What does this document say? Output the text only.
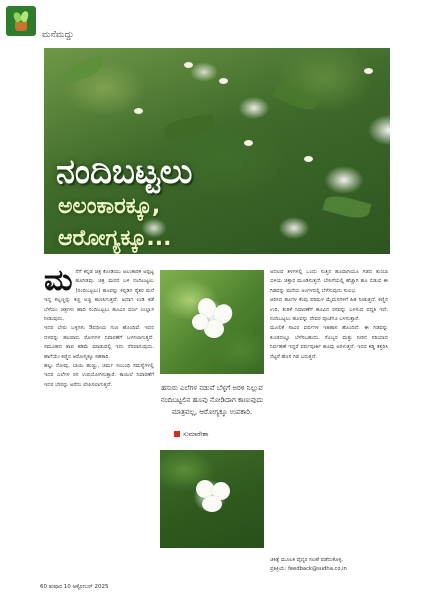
ಮನೆಮದ್ದು
ನಂದಿಬಟ್ಟಲು
ಅಲಂಕಾರಕ್ಕೂ,
ಆರೋಗ್ಯಕ್ಕೂ...
ಮ ನೆಗೆ ಕನ್ನಡ ಚಿತ್ರ ಕೋಡಿಯು ಅಲಂಕಾರಿಕ ಅಪ್ಪಟ್ಟ ಹೂಗಿಡವು. ಚಿತ್ರ ಮರದ ಬಳಿ ನಂದಿಬಟ್ಟಲು (ನಂದಿಬಟ್ಟಲು) ಹೂವನ್ನು ಕನ್ನಡಿಗ ರೈತರ ಮನೆ ಇದ್ದ ಕಲ್ಲಣ್ಣನ್ನು ಕಚ್ಚಿ ಅಚ್ಚಿ ಕಾಣಸಿಗುತ್ತದೆ. ಅದಾಗ ಉಡಿ ಕಡೆ ಬೆಳೆಯು ಚಿತ್ರಗಳು ಹಾದಿ ನಂದಿಬಟ್ಟಲು ಹೂವಿನ ವರ್ಣ ಉಲ್ಲಾಸ ನೀಡುವುದು.

ಇದರ ಬೇರು ಬಳ್ಳಿಗಳು ಔಷಧೀಯ ಗುಣ ಹೊಂದಿವೆ. ಇದರ ದಳವನ್ನು ಹಲವಾರು ರೋಗಗಳ ನಿವಾರಣೆಗೆ ಬಳಸಲಾಗುತ್ತದೆ. ಸಮೂಹದ ತಾಪ ಕಡಿಮೆ ಮಾಡುವಲ್ಲಿ ಇದು ನೆರವಾಗುವುದು. ಹಾಗೆಯೇ ಕಣ್ಣಿನ ಆರೋಗ್ಯಕ್ಕೂ ಸಹಕಾರಿ.

ಹಲ್ಲು ನೋವು, ಬಾಯಿ ಹುಣ್ಣು, ಚರ್ಮ ಸಂಬಂಧಿ ಸಮಸ್ಯೆಗಳಲ್ಲಿ ಇದರ ಎಲೆಗಳ ರಸ ಉಪಯೋಗಿಸುತ್ತಾರೆ. ಕಾಯಿಲೆ ನಿವಾರಣೆಗೆ ಇದರ ಬೇರನ್ನು ಅರೆದು ಲೇಪಿಸಲಾಗುತ್ತದೆ.	ಹಸುರು ಎಲೆಗಳ ನಡುವೆ ಬೆಳ್ಳಗೆ ಅರಳಿ ನಿಲ್ಲುವ ನಂದಿಬಟ್ಟಲಿನ ಹೂವು ನೋಡಿದಾಗ ಕಾಣುವುದು ಮಾತ್ರವಲ್ಲ, ಆರೋಗ್ಯಕ್ಕೂ ಉಪಕಾರಿ.
ಸುಮಾರೇಶಾ

ಅದಲವ ತಳಗಳಲ್ಲಿ ಒಂದು ಸುತ್ತಿನ ಹೂವಾಗಿಯೂ ಗಿಡದ ತುಂಬಾ ಬಿಳಿಯ ಚಿತ್ತಾರ ಮೂಡಿಸುತ್ತದೆ. ಬೇಸಿಗೆಯಲ್ಲಿ ಹೆಚ್ಚಾಗಿ ಹೂ ಬಿಡುವ ಈ ಗಿಡವನ್ನು ಮನೆಯ ಅಂಗಳದಲ್ಲಿ ಬೆಳೆಸುವುದು ಸುಲಭ.

ಆರಿಸಿದ ಹೂಗಳ ಕೆಂಪು ಪರಿಮಳ ಮೈಮನಗಳಿಗೆ ಹಿತ ನೀಡುತ್ತದೆ. ಕಣ್ಣಿನ ಉರಿ, ತುರಿಕೆ ನಿವಾರಣೆಗೆ ಹೂವಿನ ರಸವನ್ನು ಬಳಸುವ ಪದ್ಧತಿ ಇದೆ. ನಂದಿಬಟ್ಟಲು ಹೂವನ್ನು ದೇವರ ಪೂಜೆಗೂ ಬಳಸುತ್ತಾರೆ.

ಮೂಲಿಕೆ ಸಾವಿರ ವರ್ಷಗಳ ಇತಿಹಾಸ ಹೊಂದಿದೆ. ಈ ಗಿಡವನ್ನು ಕುಂಡದಲ್ಲೂ ಬೆಳೆಸಬಹುದು. ಗೊಬ್ಬರ ಮತ್ತು ನೀರಿನ ಸರಿಯಾದ ನಿರ್ವಹಣೆ ಇದ್ದರೆ ವರ್ಷಪೂರ್ತಿ ಹೂವು ಅರಳುತ್ತದೆ. ಇದರ ಕಡ್ಡಿ ಕತ್ತರಿಸಿ ನೆಟ್ಟರೆ ಹೊಸ ಗಿಡ ಬರುತ್ತದೆ.

ಚಿಕಿತ್ಸೆ ಮೂಲಕ ವೈದ್ಯರ ಸಲಹೆ ಪಡೆದುಕೊಳ್ಳಿ.
ಪ್ರತಿಕ್ರಿಯೆ: feedback@sudha.co.in
60 ತುಷಾರ 10 ಅಕ್ಟೋಬರ್ 2025
